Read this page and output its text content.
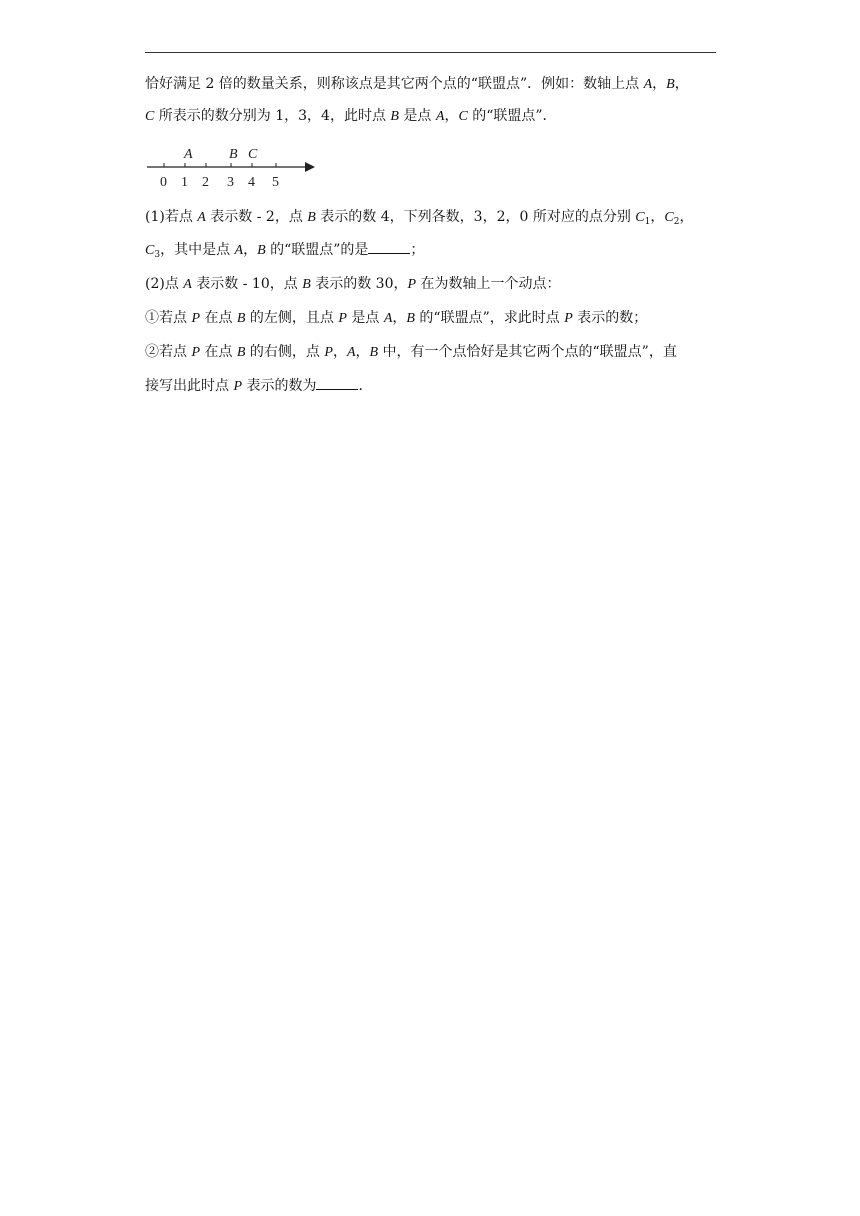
恰好满足 2 倍的数量关系，则称该点是其它两个点的“联盟点”．例如：数轴上点 A，B，
C 所表示的数分别为 1，3，4，此时点 B 是点 A，C 的“联盟点”．
A	B C
0 1 2 3 4 5
(1)若点 A 表示数 - 2，点 B 表示的数 4，下列各数，3，2，0 所对应的点分别 $C_1$，$C_2$，
$C_3$，其中是点 A，B 的“联盟点”的是	；
(2)点 A 表示数 - 10，点 B 表示的数 30，P 在为数轴上一个动点：
①若点 P 在点 B 的左侧，且点 P 是点 A，B 的“联盟点”，求此时点 P 表示的数；
②若点 P 在点 B 的右侧，点 P，A，B 中，有一个点恰好是其它两个点的“联盟点”，直
接写出此时点 P 表示的数为	．
